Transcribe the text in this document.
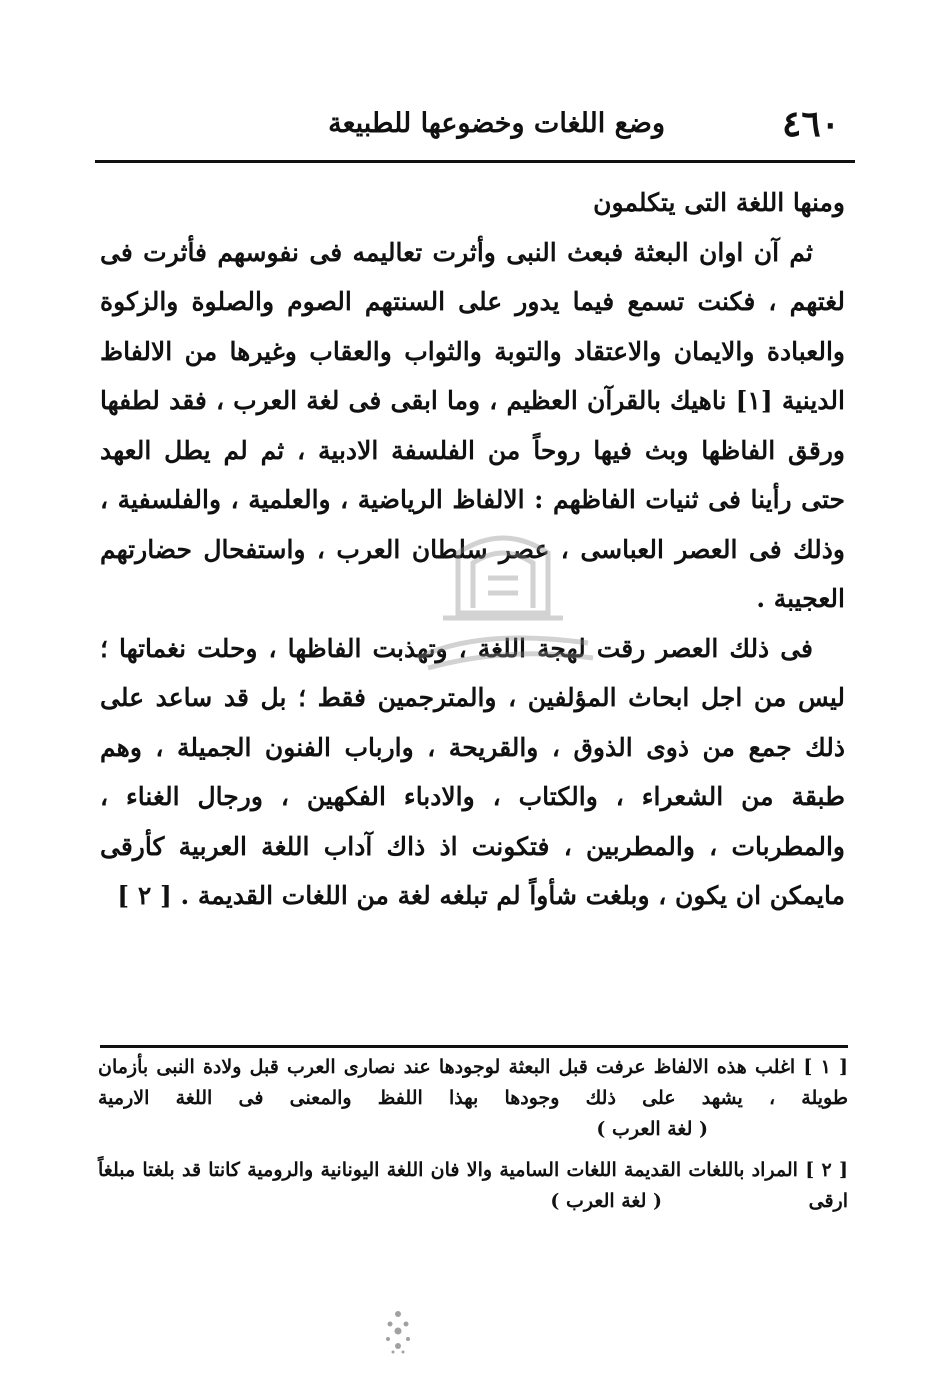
٤٦٠
وضع اللغات وخضوعها للطبيعة

ومنها اللغة التى يتكلمون

ثم آن اوان البعثة فبعث النبى وأثرت تعاليمه فى نفوسهم فأثرت فى لغتهم ، فكنت تسمع فيما يدور على السنتهم الصوم والصلوة والزكوة والعبادة والايمان والاعتقاد والتوبة والثواب والعقاب وغيرها من الالفاظ الدينية [١] ناهيك بالقرآن العظيم ، وما ابقى فى لغة العرب ، فقد لطفها ورقق الفاظها وبث فيها روحاً من الفلسفة الادبية ، ثم لم يطل العهد حتى رأينا فى ثنيات الفاظهم : الالفاظ الرياضية ، والعلمية ، والفلسفية ، وذلك فى العصر العباسى ، عصر سلطان العرب ، واستفحال حضارتهم العجيبة .

فى ذلك العصر رقت لهجة اللغة ، وتهذبت الفاظها ، وحلت نغماتها ؛ ليس من اجل ابحاث المؤلفين ، والمترجمين فقط ؛ بل قد ساعد على ذلك جمع من ذوى الذوق ، والقريحة ، وارباب الفنون الجميلة ، وهم طبقة من الشعراء ، والكتاب ، والادباء الفكهين ، ورجال الغناء ، والمطربات ، والمطربين ، فتكونت اذ ذاك آداب اللغة العربية كأرقى مايمكن ان يكون ، وبلغت شأواً لم تبلغه لغة من اللغات القديمة . [ ٢ ]

[ ١ ] اغلب هذه الالفاظ عرفت قبل البعثة لوجودها عند نصارى العرب قبل ولادة النبى بأزمان طويلة ، يشهد على ذلك وجودها بهذا اللفظ والمعنى فى اللغة الارمية ( لغة العرب )

[ ٢ ] المراد باللغات القديمة اللغات السامية والا فان اللغة اليونانية والرومية كانتا قد بلغتا مبلغاً ارقى ( لغة العرب )
